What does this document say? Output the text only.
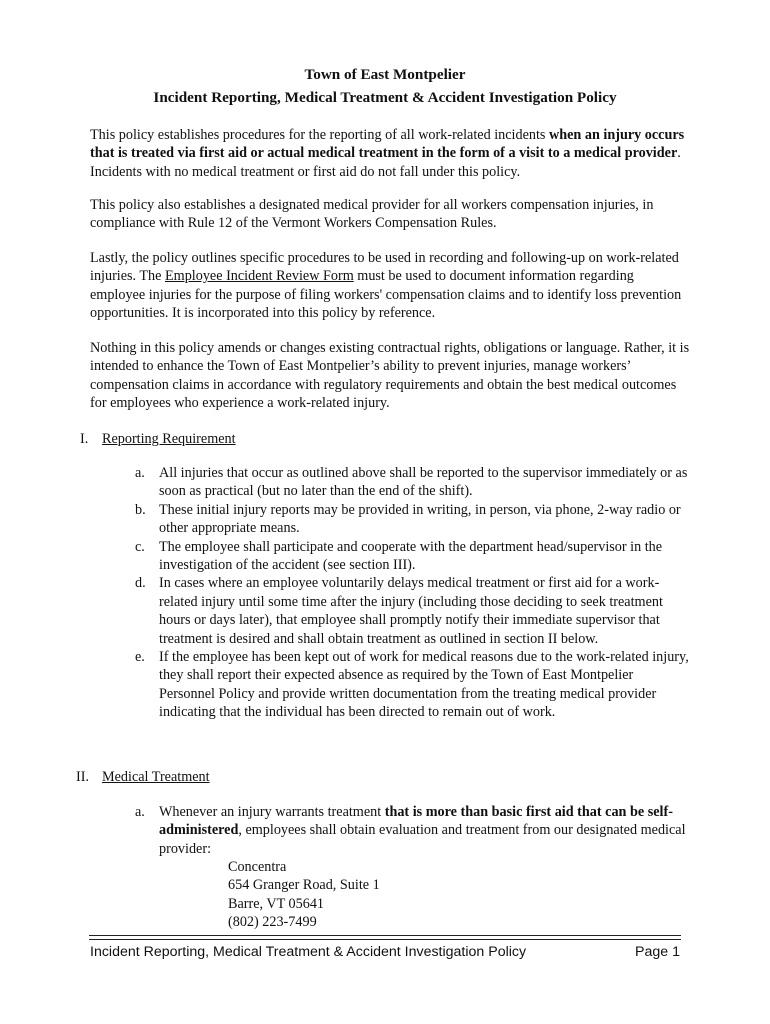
Town of East Montpelier
Incident Reporting, Medical Treatment & Accident Investigation Policy

This policy establishes procedures for the reporting of all work-related incidents when an injury occurs that is treated via first aid or actual medical treatment in the form of a visit to a medical provider. Incidents with no medical treatment or first aid do not fall under this policy.

This policy also establishes a designated medical provider for all workers compensation injuries, in compliance with Rule 12 of the Vermont Workers Compensation Rules.

Lastly, the policy outlines specific procedures to be used in recording and following-up on work-related injuries. The Employee Incident Review Form must be used to document information regarding employee injuries for the purpose of filing workers' compensation claims and to identify loss prevention opportunities. It is incorporated into this policy by reference.

Nothing in this policy amends or changes existing contractual rights, obligations or language. Rather, it is intended to enhance the Town of East Montpelier’s ability to prevent injuries, manage workers’ compensation claims in accordance with regulatory requirements and obtain the best medical outcomes for employees who experience a work-related injury.

I. Reporting Requirement

a. All injuries that occur as outlined above shall be reported to the supervisor immediately or as soon as practical (but no later than the end of the shift).
b. These initial injury reports may be provided in writing, in person, via phone, 2-way radio or other appropriate means.
c. The employee shall participate and cooperate with the department head/supervisor in the investigation of the accident (see section III).
d. In cases where an employee voluntarily delays medical treatment or first aid for a work-related injury until some time after the injury (including those deciding to seek treatment hours or days later), that employee shall promptly notify their immediate supervisor that treatment is desired and shall obtain treatment as outlined in section II below.
e. If the employee has been kept out of work for medical reasons due to the work-related injury, they shall report their expected absence as required by the Town of East Montpelier Personnel Policy and provide written documentation from the treating medical provider indicating that the individual has been directed to remain out of work.

II. Medical Treatment

a. Whenever an injury warrants treatment that is more than basic first aid that can be self-administered, employees shall obtain evaluation and treatment from our designated medical provider:
Concentra
654 Granger Road, Suite 1
Barre, VT 05641
(802) 223-7499
Incident Reporting, Medical Treatment & Accident Investigation Policy	Page 1
